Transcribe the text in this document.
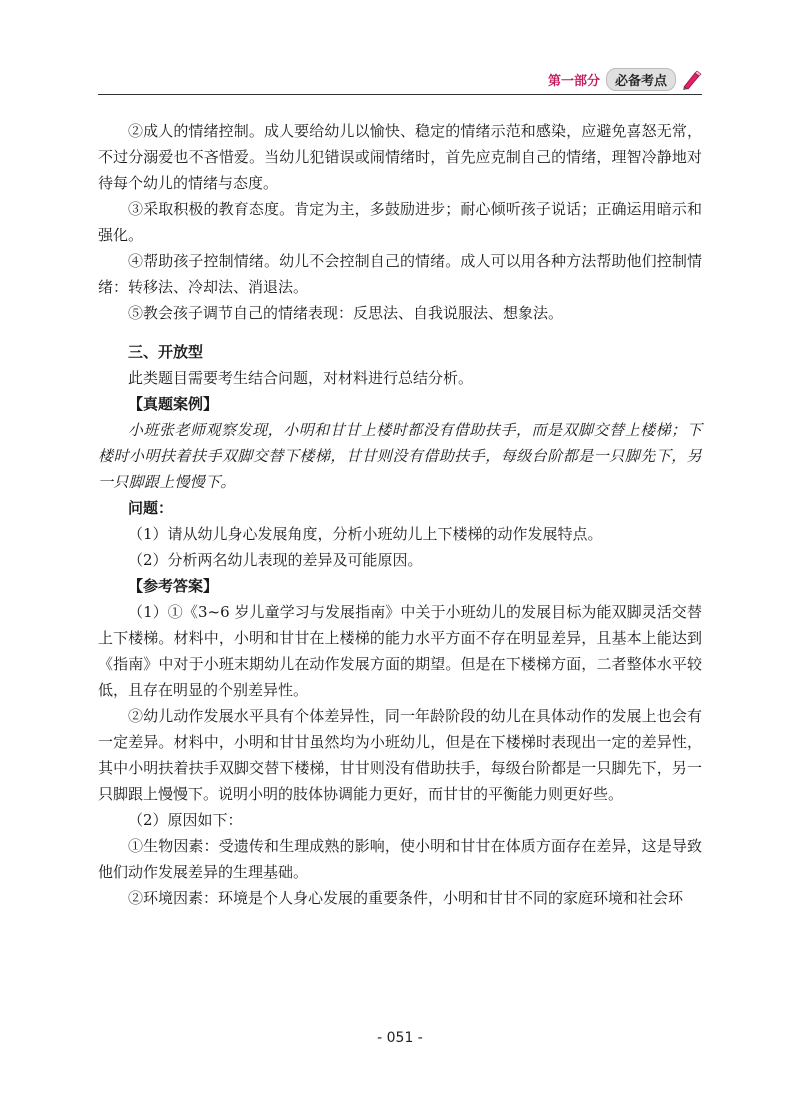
第一部分	必备考点

②成人的情绪控制。成人要给幼儿以愉快、稳定的情绪示范和感染，应避免喜怒无常，不过分溺爱也不吝惜爱。当幼儿犯错误或闹情绪时，首先应克制自己的情绪，理智冷静地对待每个幼儿的情绪与态度。

③采取积极的教育态度。肯定为主，多鼓励进步；耐心倾听孩子说话；正确运用暗示和强化。

④帮助孩子控制情绪。幼儿不会控制自己的情绪。成人可以用各种方法帮助他们控制情绪：转移法、冷却法、消退法。

⑤教会孩子调节自己的情绪表现：反思法、自我说服法、想象法。

三、开放型

此类题目需要考生结合问题，对材料进行总结分析。

【真题案例】

小班张老师观察发现，小明和甘甘上楼时都没有借助扶手，而是双脚交替上楼梯；下楼时小明扶着扶手双脚交替下楼梯，甘甘则没有借助扶手，每级台阶都是一只脚先下，另一只脚跟上慢慢下。

问题：

（1）请从幼儿身心发展角度，分析小班幼儿上下楼梯的动作发展特点。

（2）分析两名幼儿表现的差异及可能原因。

【参考答案】

（1）①《3~6 岁儿童学习与发展指南》中关于小班幼儿的发展目标为能双脚灵活交替上下楼梯。材料中，小明和甘甘在上楼梯的能力水平方面不存在明显差异，且基本上能达到《指南》中对于小班末期幼儿在动作发展方面的期望。但是在下楼梯方面，二者整体水平较低，且存在明显的个别差异性。

②幼儿动作发展水平具有个体差异性，同一年龄阶段的幼儿在具体动作的发展上也会有一定差异。材料中，小明和甘甘虽然均为小班幼儿，但是在下楼梯时表现出一定的差异性，其中小明扶着扶手双脚交替下楼梯，甘甘则没有借助扶手，每级台阶都是一只脚先下，另一只脚跟上慢慢下。说明小明的肢体协调能力更好，而甘甘的平衡能力则更好些。

（2）原因如下：

①生物因素：受遗传和生理成熟的影响，使小明和甘甘在体质方面存在差异，这是导致他们动作发展差异的生理基础。

②环境因素：环境是个人身心发展的重要条件，小明和甘甘不同的家庭环境和社会环

- 051 -
